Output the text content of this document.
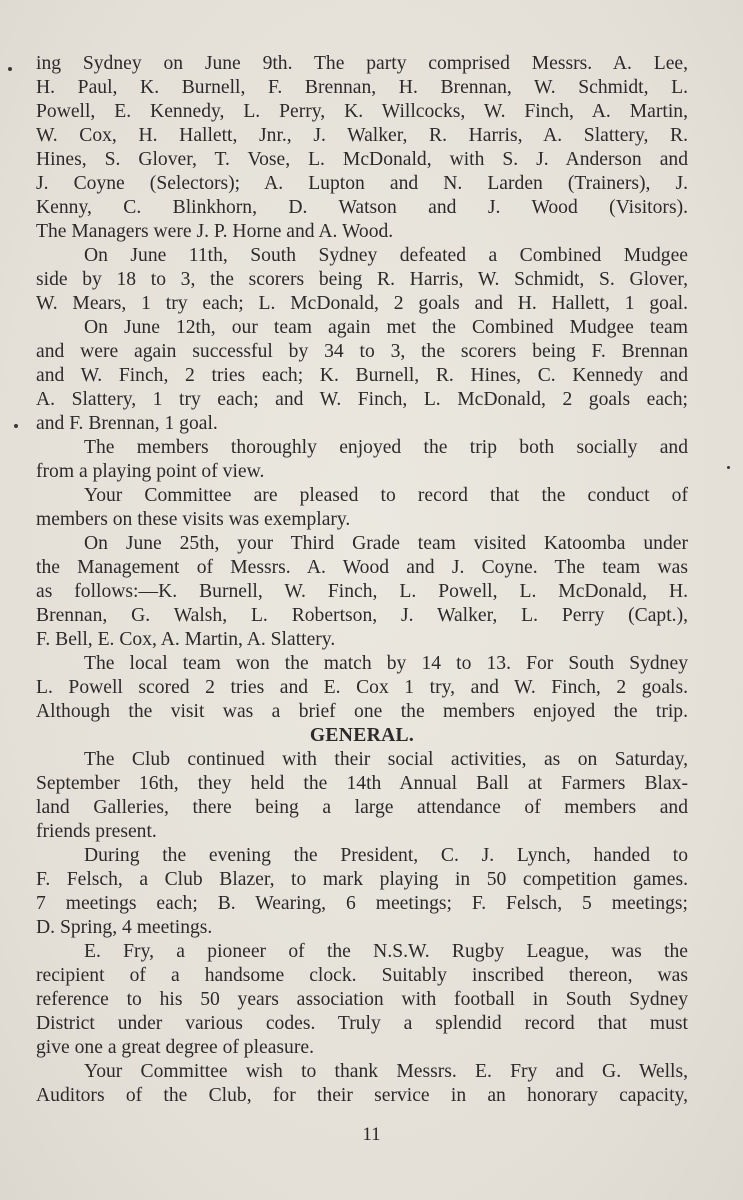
ing Sydney on June 9th. The party comprised Messrs. A. Lee,
H. Paul, K. Burnell, F. Brennan, H. Brennan, W. Schmidt, L.
Powell, E. Kennedy, L. Perry, K. Willcocks, W. Finch, A. Martin,
W. Cox, H. Hallett, Jnr., J. Walker, R. Harris, A. Slattery, R.
Hines, S. Glover, T. Vose, L. McDonald, with S. J. Anderson and
J. Coyne (Selectors); A. Lupton and N. Larden (Trainers), J.
Kenny, C. Blinkhorn, D. Watson and J. Wood (Visitors).
The Managers were J. P. Horne and A. Wood.
On June 11th, South Sydney defeated a Combined Mudgee
side by 18 to 3, the scorers being R. Harris, W. Schmidt, S. Glover,
W. Mears, 1 try each; L. McDonald, 2 goals and H. Hallett, 1 goal.
On June 12th, our team again met the Combined Mudgee team
and were again successful by 34 to 3, the scorers being F. Brennan
and W. Finch, 2 tries each; K. Burnell, R. Hines, C. Kennedy and
A. Slattery, 1 try each; and W. Finch, L. McDonald, 2 goals each;
and F. Brennan, 1 goal.
The members thoroughly enjoyed the trip both socially and
from a playing point of view.
Your Committee are pleased to record that the conduct of
members on these visits was exemplary.
On June 25th, your Third Grade team visited Katoomba under
the Management of Messrs. A. Wood and J. Coyne. The team was
as follows:—K. Burnell, W. Finch, L. Powell, L. McDonald, H.
Brennan, G. Walsh, L. Robertson, J. Walker, L. Perry (Capt.),
F. Bell, E. Cox, A. Martin, A. Slattery.
The local team won the match by 14 to 13. For South Sydney
L. Powell scored 2 tries and E. Cox 1 try, and W. Finch, 2 goals.
Although the visit was a brief one the members enjoyed the trip.
GENERAL.
The Club continued with their social activities, as on Saturday,
September 16th, they held the 14th Annual Ball at Farmers Blax-
land Galleries, there being a large attendance of members and
friends present.
During the evening the President, C. J. Lynch, handed to
F. Felsch, a Club Blazer, to mark playing in 50 competition games.
7 meetings each; B. Wearing, 6 meetings; F. Felsch, 5 meetings;
D. Spring, 4 meetings.
E. Fry, a pioneer of the N.S.W. Rugby League, was the
recipient of a handsome clock. Suitably inscribed thereon, was
reference to his 50 years association with football in South Sydney
District under various codes. Truly a splendid record that must
give one a great degree of pleasure.
Your Committee wish to thank Messrs. E. Fry and G. Wells,
Auditors of the Club, for their service in an honorary capacity,
11
